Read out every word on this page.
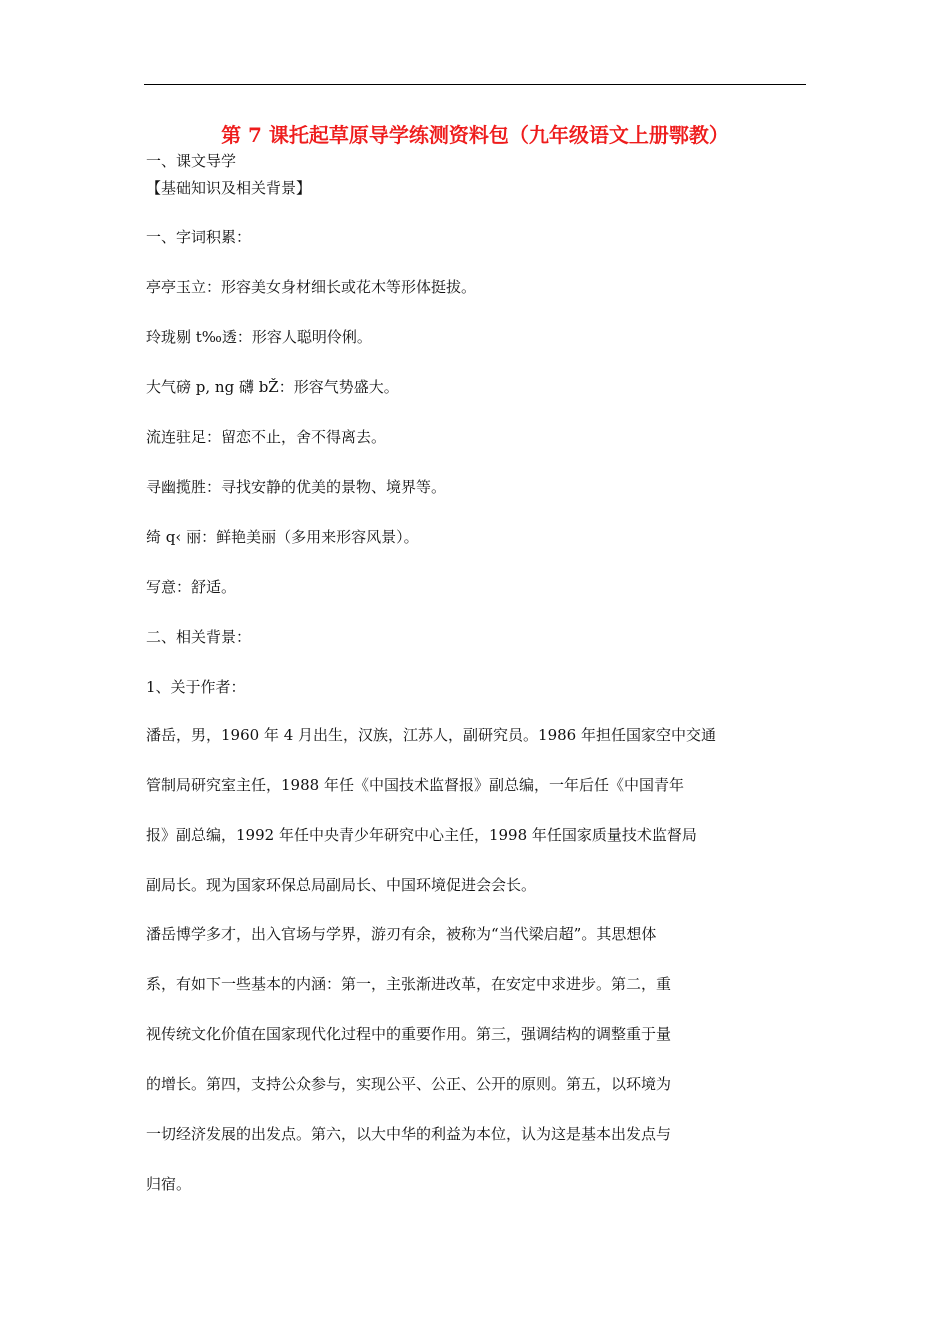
第 7 课托起草原导学练测资料包（九年级语文上册鄂教）
一、课文导学
【基础知识及相关背景】
一、字词积累：
亭亭玉立：形容美女身材细长或花木等形体挺拔。
玲珑剔 t‰透：形容人聪明伶俐。
大气磅 p, ng 礴 bŽ：形容气势盛大。
流连驻足：留恋不止，舍不得离去。
寻幽揽胜：寻找安静的优美的景物、境界等。
绮 q‹ 丽：鲜艳美丽（多用来形容风景）。
写意：舒适。
二、相关背景：
1、关于作者：
潘岳，男，1960 年 4 月出生，汉族，江苏人，副研究员。1986 年担任国家空中交通
管制局研究室主任，1988 年任《中国技术监督报》副总编，一年后任《中国青年
报》副总编，1992 年任中央青少年研究中心主任，1998 年任国家质量技术监督局
副局长。现为国家环保总局副局长、中国环境促进会会长。
潘岳博学多才，出入官场与学界，游刃有余，被称为“当代梁启超”。其思想体
系，有如下一些基本的内涵：第一，主张渐进改革，在安定中求进步。第二，重
视传统文化价值在国家现代化过程中的重要作用。第三，强调结构的调整重于量
的增长。第四，支持公众参与，实现公平、公正、公开的原则。第五，以环境为
一切经济发展的出发点。第六，以大中华的利益为本位，认为这是基本出发点与
归宿。
